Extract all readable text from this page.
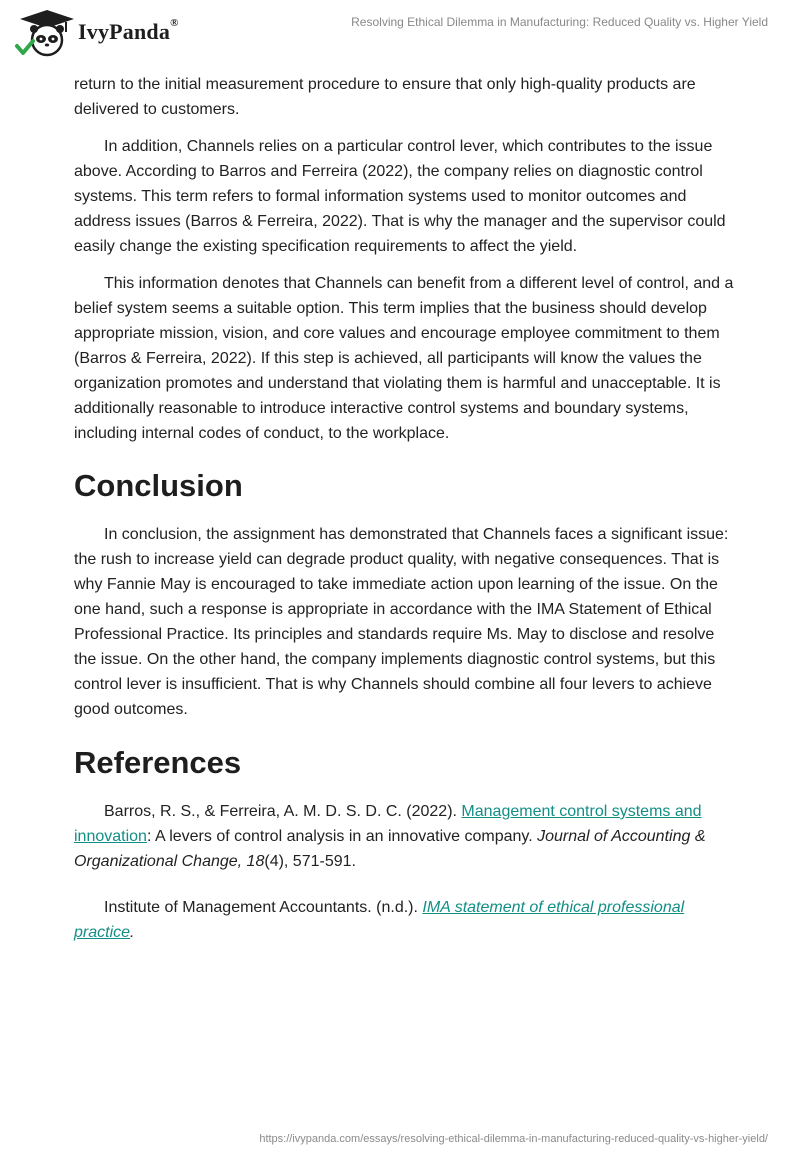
IvyPanda®	Resolving Ethical Dilemma in Manufacturing: Reduced Quality vs. Higher Yield

return to the initial measurement procedure to ensure that only high-quality products are delivered to customers.

In addition, Channels relies on a particular control lever, which contributes to the issue above. According to Barros and Ferreira (2022), the company relies on diagnostic control systems. This term refers to formal information systems used to monitor outcomes and address issues (Barros & Ferreira, 2022). That is why the manager and the supervisor could easily change the existing specification requirements to affect the yield.

This information denotes that Channels can benefit from a different level of control, and a belief system seems a suitable option. This term implies that the business should develop appropriate mission, vision, and core values and encourage employee commitment to them (Barros & Ferreira, 2022). If this step is achieved, all participants will know the values the organization promotes and understand that violating them is harmful and unacceptable. It is additionally reasonable to introduce interactive control systems and boundary systems, including internal codes of conduct, to the workplace.

Conclusion

In conclusion, the assignment has demonstrated that Channels faces a significant issue: the rush to increase yield can degrade product quality, with negative consequences. That is why Fannie May is encouraged to take immediate action upon learning of the issue. On the one hand, such a response is appropriate in accordance with the IMA Statement of Ethical Professional Practice. Its principles and standards require Ms. May to disclose and resolve the issue. On the other hand, the company implements diagnostic control systems, but this control lever is insufficient. That is why Channels should combine all four levers to achieve good outcomes.

References

Barros, R. S., & Ferreira, A. M. D. S. D. C. (2022). Management control systems and innovation: A levers of control analysis in an innovative company. Journal of Accounting & Organizational Change, 18(4), 571-591.

Institute of Management Accountants. (n.d.). IMA statement of ethical professional practice.

https://ivypanda.com/essays/resolving-ethical-dilemma-in-manufacturing-reduced-quality-vs-higher-yield/
